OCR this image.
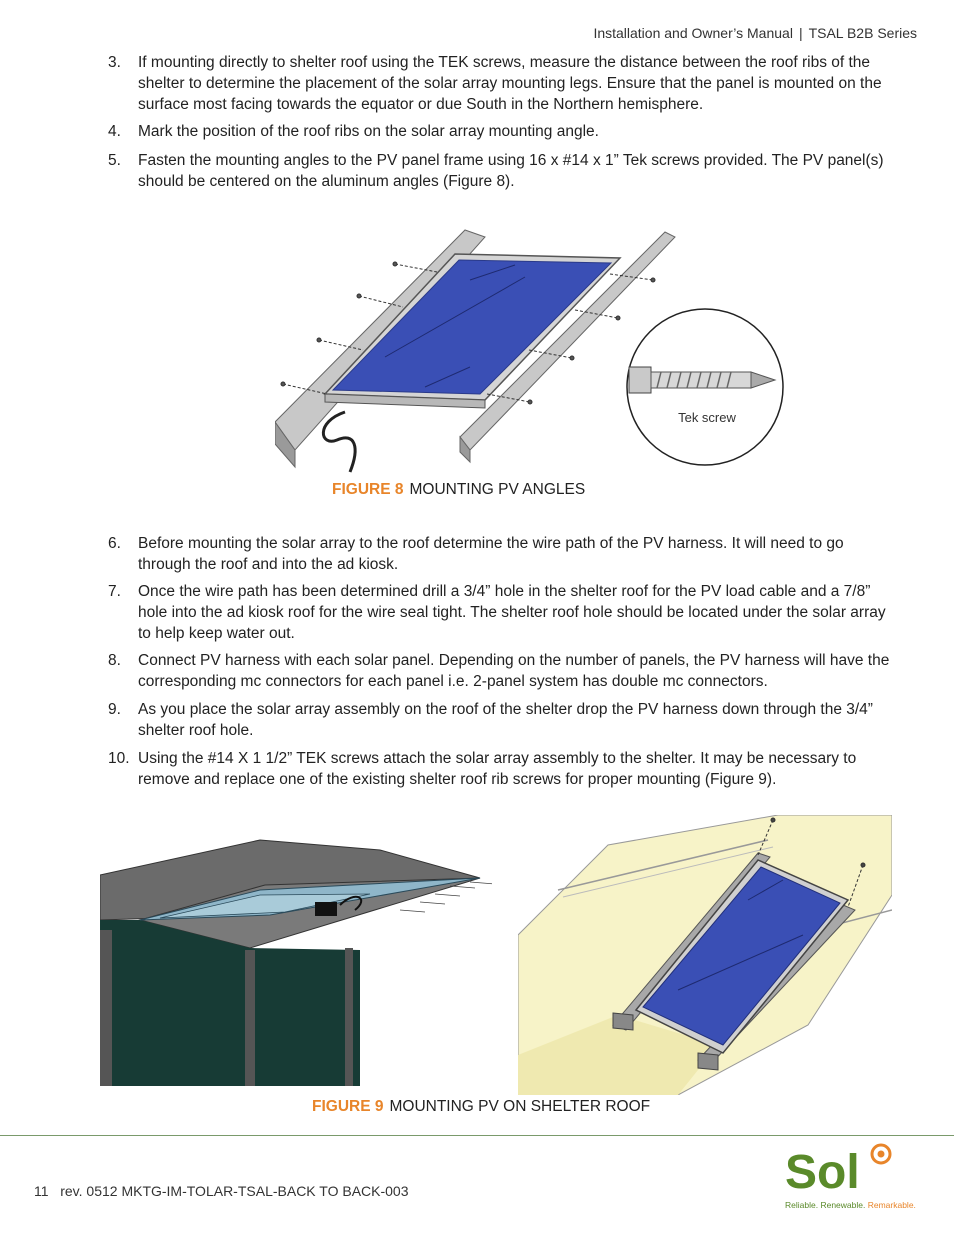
Installation and Owner’s Manual | TSAL B2B Series
3.	If mounting directly to shelter roof using the TEK screws, measure the distance between the roof ribs of the shelter to determine the placement of the solar array mounting legs. Ensure that the panel is mounted on the surface most facing towards the equator or due South in the Northern hemisphere.
4.	Mark the position of the roof ribs on the solar array mounting angle.
5.	Fasten the mounting angles to the PV panel frame using 16 x #14 x 1” Tek screws provided. The PV panel(s) should be centered on the aluminum angles (Figure 8).
Tek screw
FIGURE 8 MOUNTING PV ANGLES
6.	Before mounting the solar array to the roof determine the wire path of the PV harness. It will need to go through the roof and into the ad kiosk.
7.	Once the wire path has been determined drill a 3/4” hole in the shelter roof for the PV load cable and a 7/8” hole into the ad kiosk roof for the wire seal tight. The shelter roof hole should be located under the solar array to help keep water out.
8.	Connect PV harness with each solar panel. Depending on the number of panels, the PV harness will have the corresponding mc connectors for each panel i.e. 2-panel system has double mc connectors.
9.	As you place the solar array assembly on the roof of the shelter drop the PV harness down through the 3/4” shelter roof hole.
10. Using the #14 X 1 1/2” TEK screws attach the solar array assembly to the shelter. It may be necessary to remove and replace one of the existing shelter roof rib screws for proper mounting (Figure 9).
FIGURE 9 MOUNTING PV ON SHELTER ROOF
11 rev. 0512 MKTG-IM-TOLAR-TSAL-BACK TO BACK-003	Sol
Reliable. Renewable. Remarkable.
